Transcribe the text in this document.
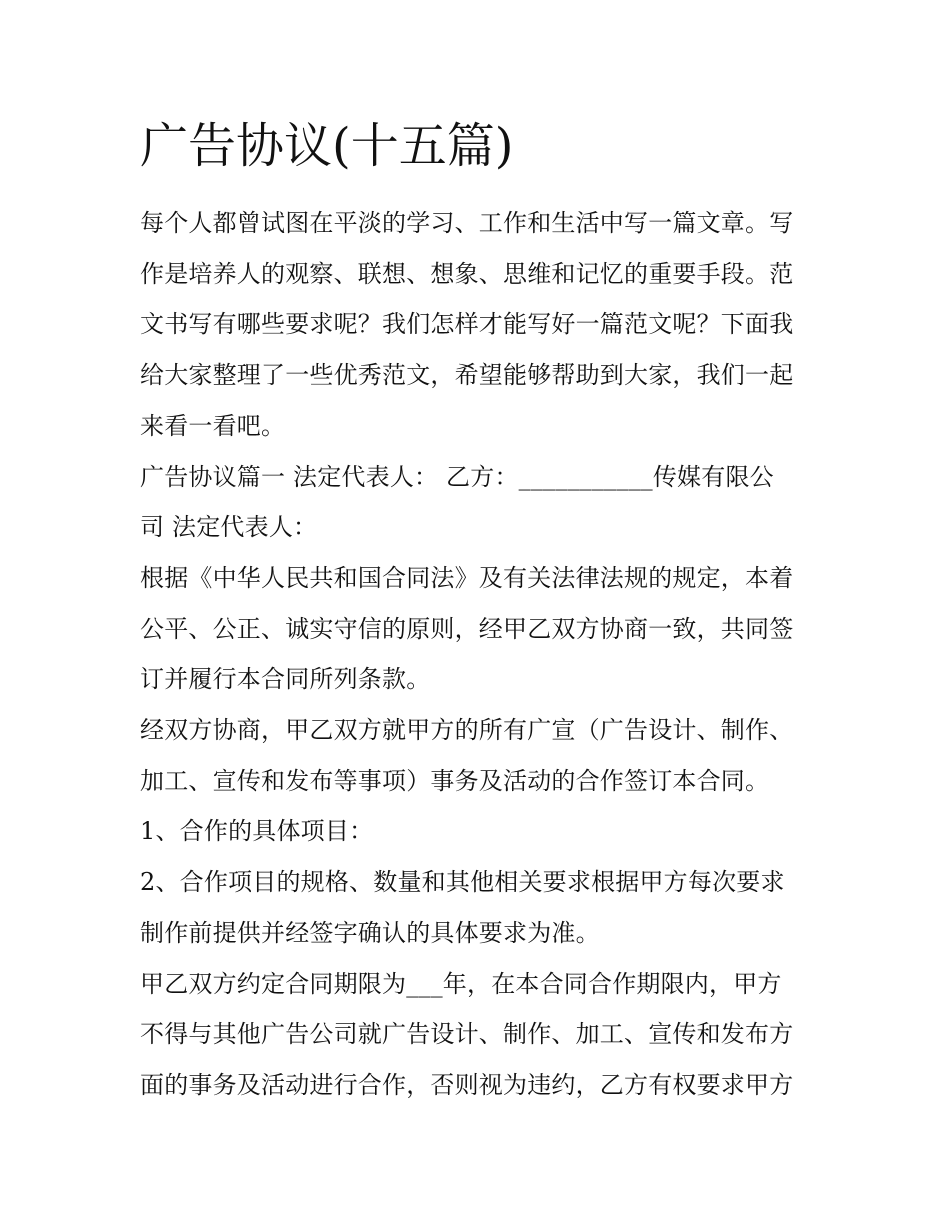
广告协议(十五篇)

每个人都曾试图在平淡的学习、工作和生活中写一篇文章。写
作是培养人的观察、联想、想象、思维和记忆的重要手段。范
文书写有哪些要求呢？我们怎样才能写好一篇范文呢？下面我
给大家整理了一些优秀范文，希望能够帮助到大家，我们一起
来看一看吧。

广告协议篇一 法定代表人： 乙方：___________传媒有限公
司 法定代表人：

根据《中华人民共和国合同法》及有关法律法规的规定，本着
公平、公正、诚实守信的原则，经甲乙双方协商一致，共同签
订并履行本合同所列条款。

经双方协商，甲乙双方就甲方的所有广宣（广告设计、制作、
加工、宣传和发布等事项）事务及活动的合作签订本合同。

1、合作的具体项目：

2、合作项目的规格、数量和其他相关要求根据甲方每次要求
制作前提供并经签字确认的具体要求为准。

甲乙双方约定合同期限为___年，在本合同合作期限内，甲方
不得与其他广告公司就广告设计、制作、加工、宣传和发布方
面的事务及活动进行合作，否则视为违约，乙方有权要求甲方
